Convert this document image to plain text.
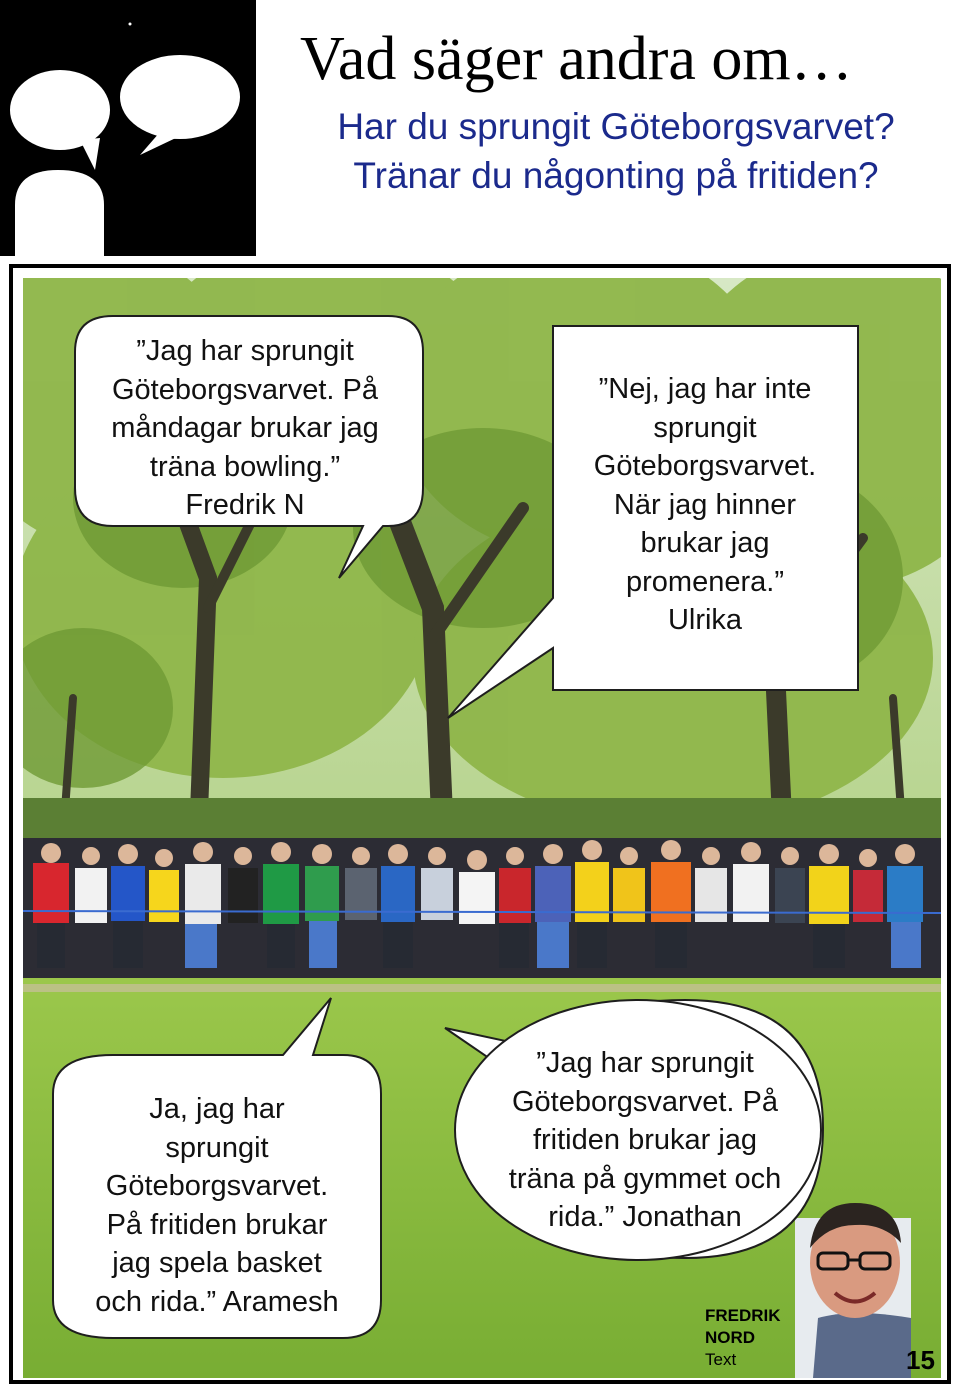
Vad säger andra om…

Har du sprungit Göteborgsvarvet?

Tränar du någonting på fritiden?

”Jag har sprungit
Göteborgsvarvet. På
måndagar brukar jag
träna bowling.”
Fredrik N
”Nej, jag har inte
sprungit
Göteborgsvarvet.
När jag hinner
brukar jag
promenera.”
Ulrika
Ja, jag har
sprungit
Göteborgsvarvet.
På fritiden brukar
jag spela basket
och rida.” Aramesh
”Jag har sprungit
Göteborgsvarvet. På
fritiden brukar jag
träna på gymmet och
rida.” Jonathan
FREDRIK
NORD
Text	15
